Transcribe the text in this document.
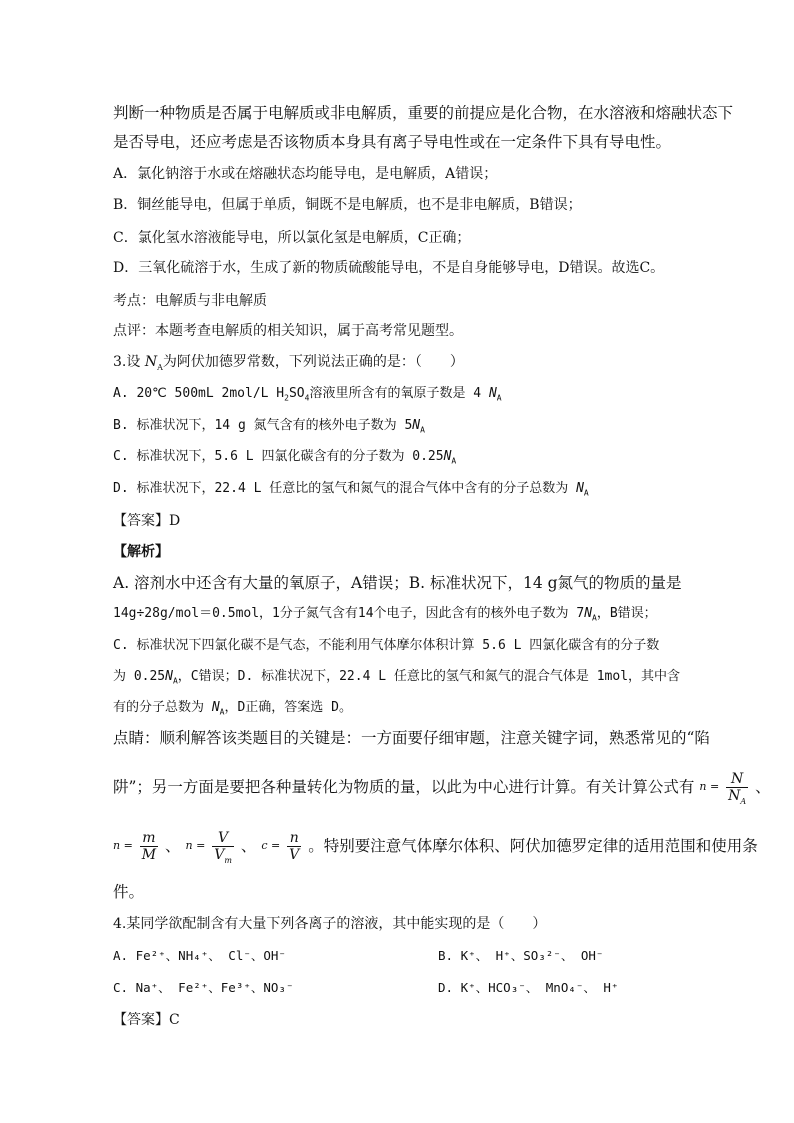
判断一种物质是否属于电解质或非电解质，重要的前提应是化合物，在水溶液和熔融状态下
是否导电，还应考虑是否该物质本身具有离子导电性或在一定条件下具有导电性。
A．氯化钠溶于水或在熔融状态均能导电，是电解质，A错误；
B．铜丝能导电，但属于单质，铜既不是电解质，也不是非电解质，B错误；
C．氯化氢水溶液能导电，所以氯化氢是电解质，C正确；
D．三氧化硫溶于水，生成了新的物质硫酸能导电，不是自身能够导电，D错误。故选C。
考点：电解质与非电解质
点评：本题考查电解质的相关知识，属于高考常见题型。
3.设 $N_A$为阿伏加德罗常数，下列说法正确的是：（　　）
A. 20℃ 500mL 2mol/L $H_2SO_4$溶液里所含有的氧原子数是 4 $N_A$
B. 标准状况下，14 g 氮气含有的核外电子数为 $5N_A$
C. 标准状况下，5.6 L 四氯化碳含有的分子数为 $0.25N_A$
D. 标准状况下，22.4 L 任意比的氢气和氮气的混合气体中含有的分子总数为 $N_A$
【答案】D
【解析】
A. 溶剂水中还含有大量的氧原子，A错误；B. 标准状况下，14 g氮气的物质的量是
14g÷28g/mol＝0.5mol，1分子氮气含有14个电子，因此含有的核外电子数为 $7N_A$，B错误；
C. 标准状况下四氯化碳不是气态，不能利用气体摩尔体积计算 5.6 L 四氯化碳含有的分子数
为 $0.25N_A$，C错误；D. 标准状况下，22.4 L 任意比的氢气和氮气的混合气体是 1mol，其中含
有的分子总数为 $N_A$，D正确，答案选 D。
点睛：顺利解答该类题目的关键是：一方面要仔细审题，注意关键字词，熟悉常见的“陷
阱”；另一方面是要把各种量转化为物质的量，以此为中心进行计算。有关计算公式有 $n = \frac{N}{N_A}$ 、
$n = \frac{m}{M}$ 、 $n = \frac{V}{V_m}$ 、 $c = \frac{n}{V}$ 。特别要注意气体摩尔体积、阿伏加德罗定律的适用范围和使用条
件。
4.某同学欲配制含有大量下列各离子的溶液，其中能实现的是（　　）
A. Fe²⁺、NH₄⁺、 Cl⁻、OH⁻	B. K⁺、 H⁺、SO₃²⁻、 OH⁻
C. Na⁺、 Fe²⁺、Fe³⁺、NO₃⁻	D. K⁺、HCO₃⁻、 MnO₄⁻、 H⁺
【答案】C
